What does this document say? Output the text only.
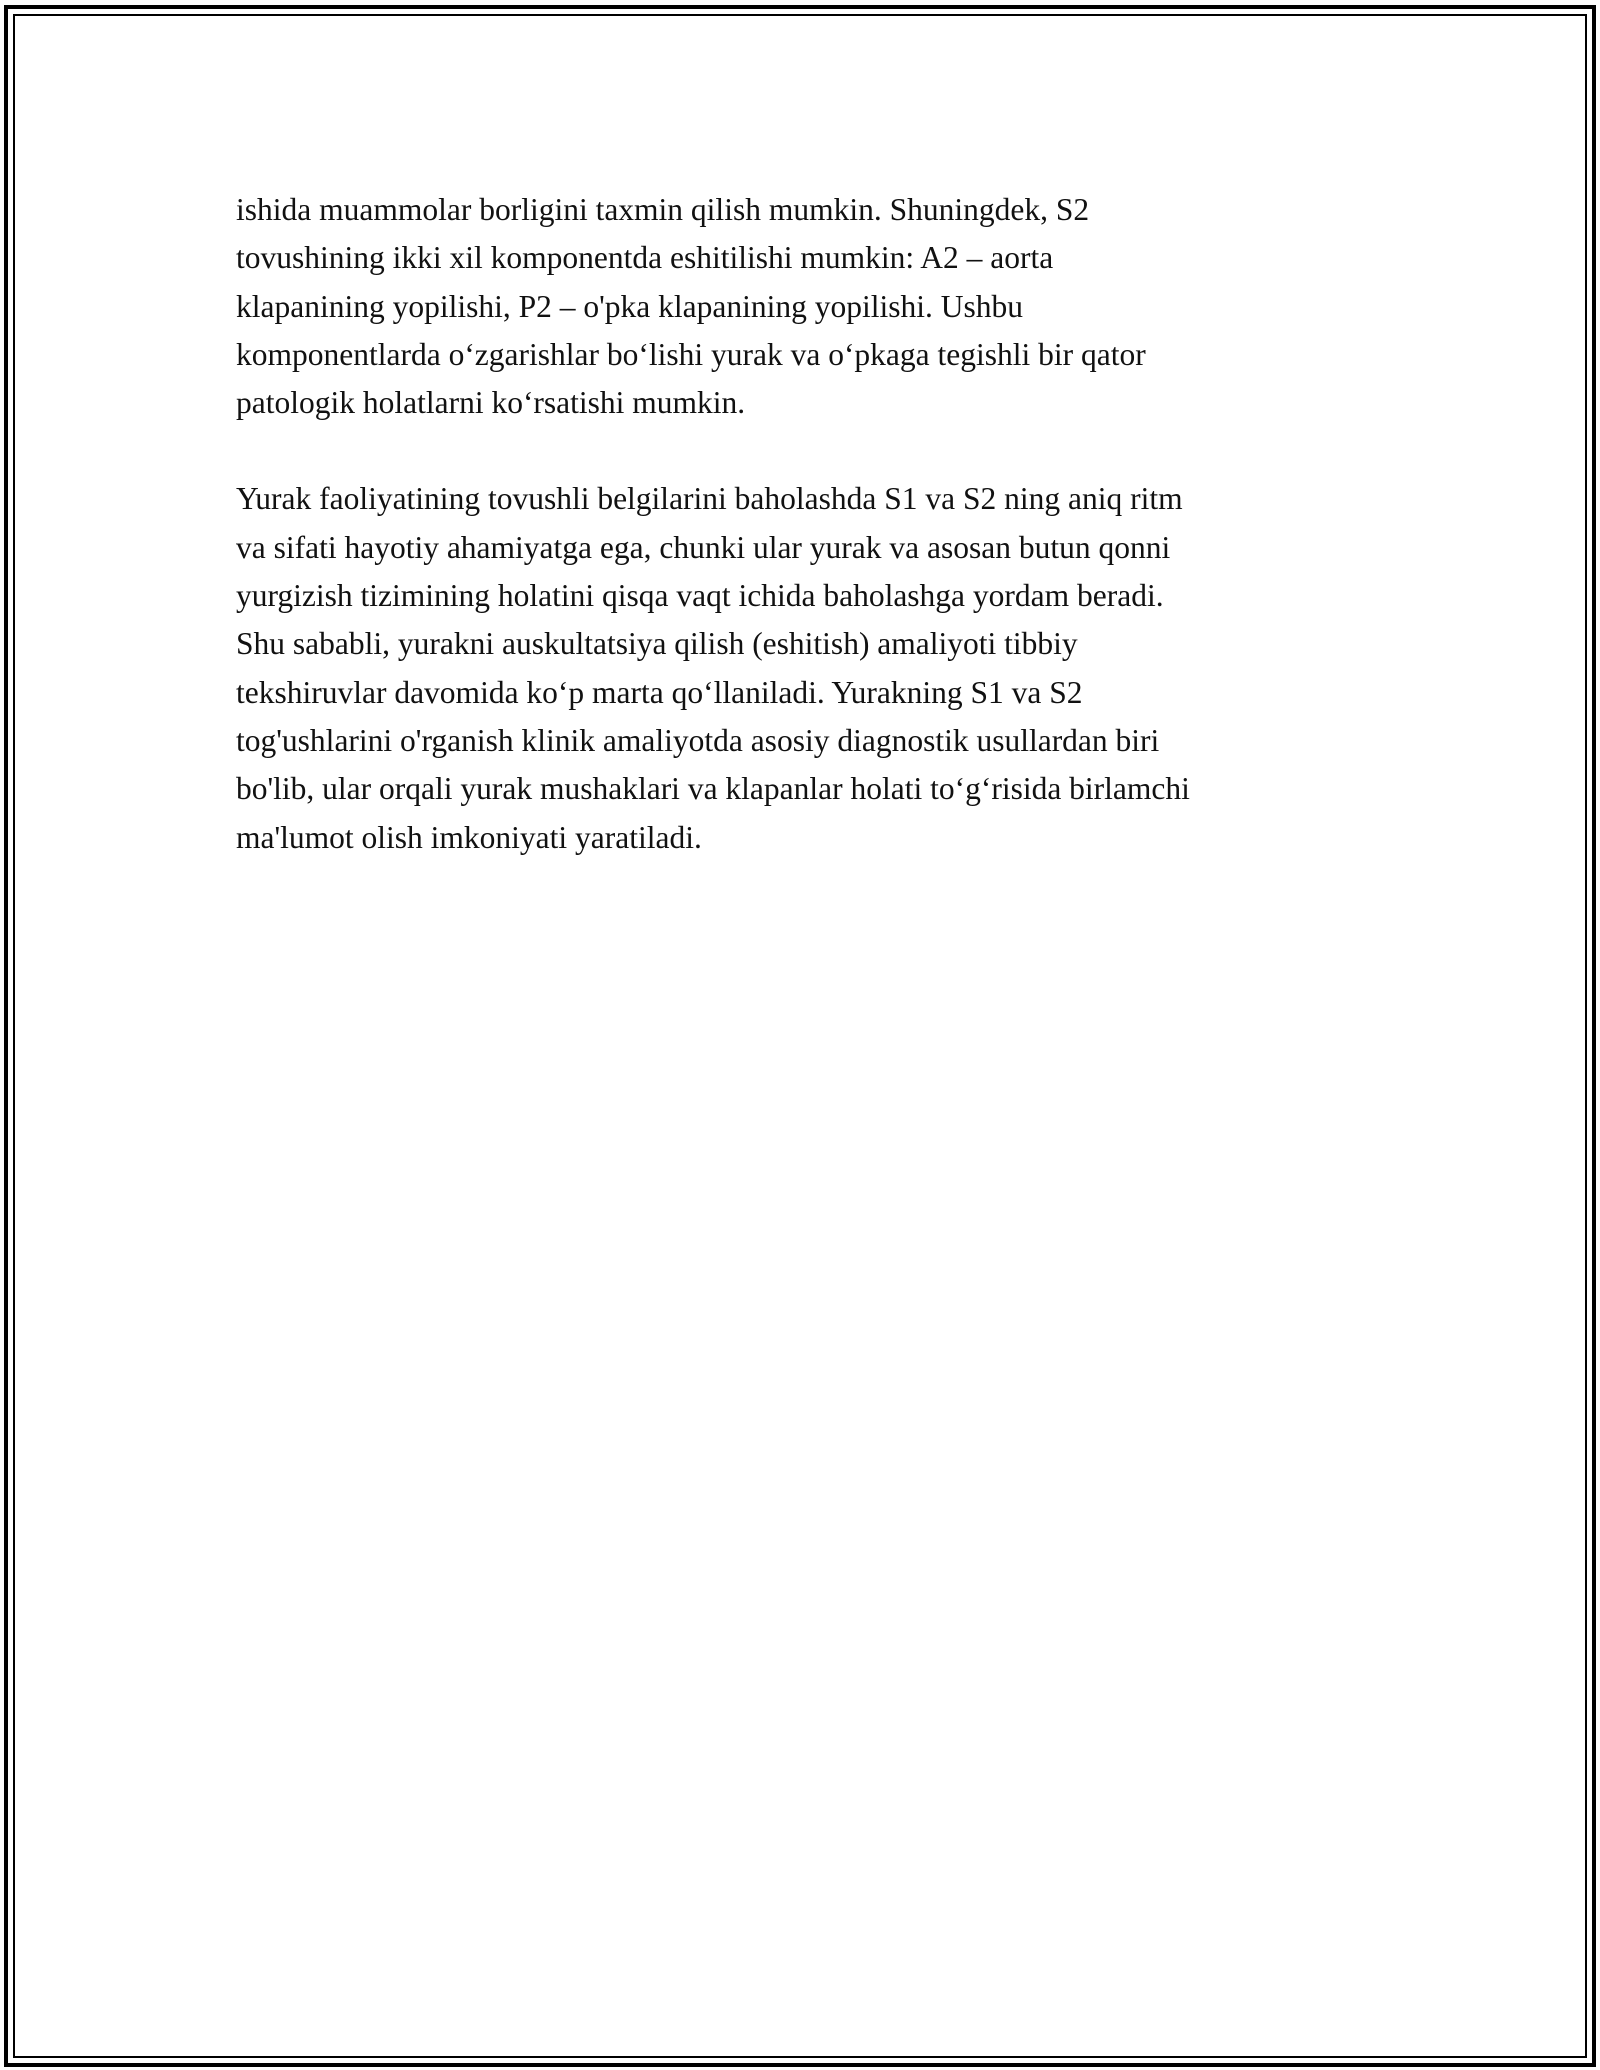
ishida muammolar borligini taxmin qilish mumkin. Shuningdek, S2
tovushining ikki xil komponentda eshitilishi mumkin: A2 – aorta
klapanining yopilishi, P2 – o'pka klapanining yopilishi. Ushbu
komponentlarda oʻzgarishlar boʻlishi yurak va oʻpkaga tegishli bir qator
patologik holatlarni koʻrsatishi mumkin.

Yurak faoliyatining tovushli belgilarini baholashda S1 va S2 ning aniq ritm
va sifati hayotiy ahamiyatga ega, chunki ular yurak va asosan butun qonni
yurgizish tizimining holatini qisqa vaqt ichida baholashga yordam beradi.
Shu sababli, yurakni auskultatsiya qilish (eshitish) amaliyoti tibbiy
tekshiruvlar davomida koʻp marta qoʻllaniladi. Yurakning S1 va S2
tog'ushlarini o'rganish klinik amaliyotda asosiy diagnostik usullardan biri
bo'lib, ular orqali yurak mushaklari va klapanlar holati toʻgʻrisida birlamchi
ma'lumot olish imkoniyati yaratiladi.
